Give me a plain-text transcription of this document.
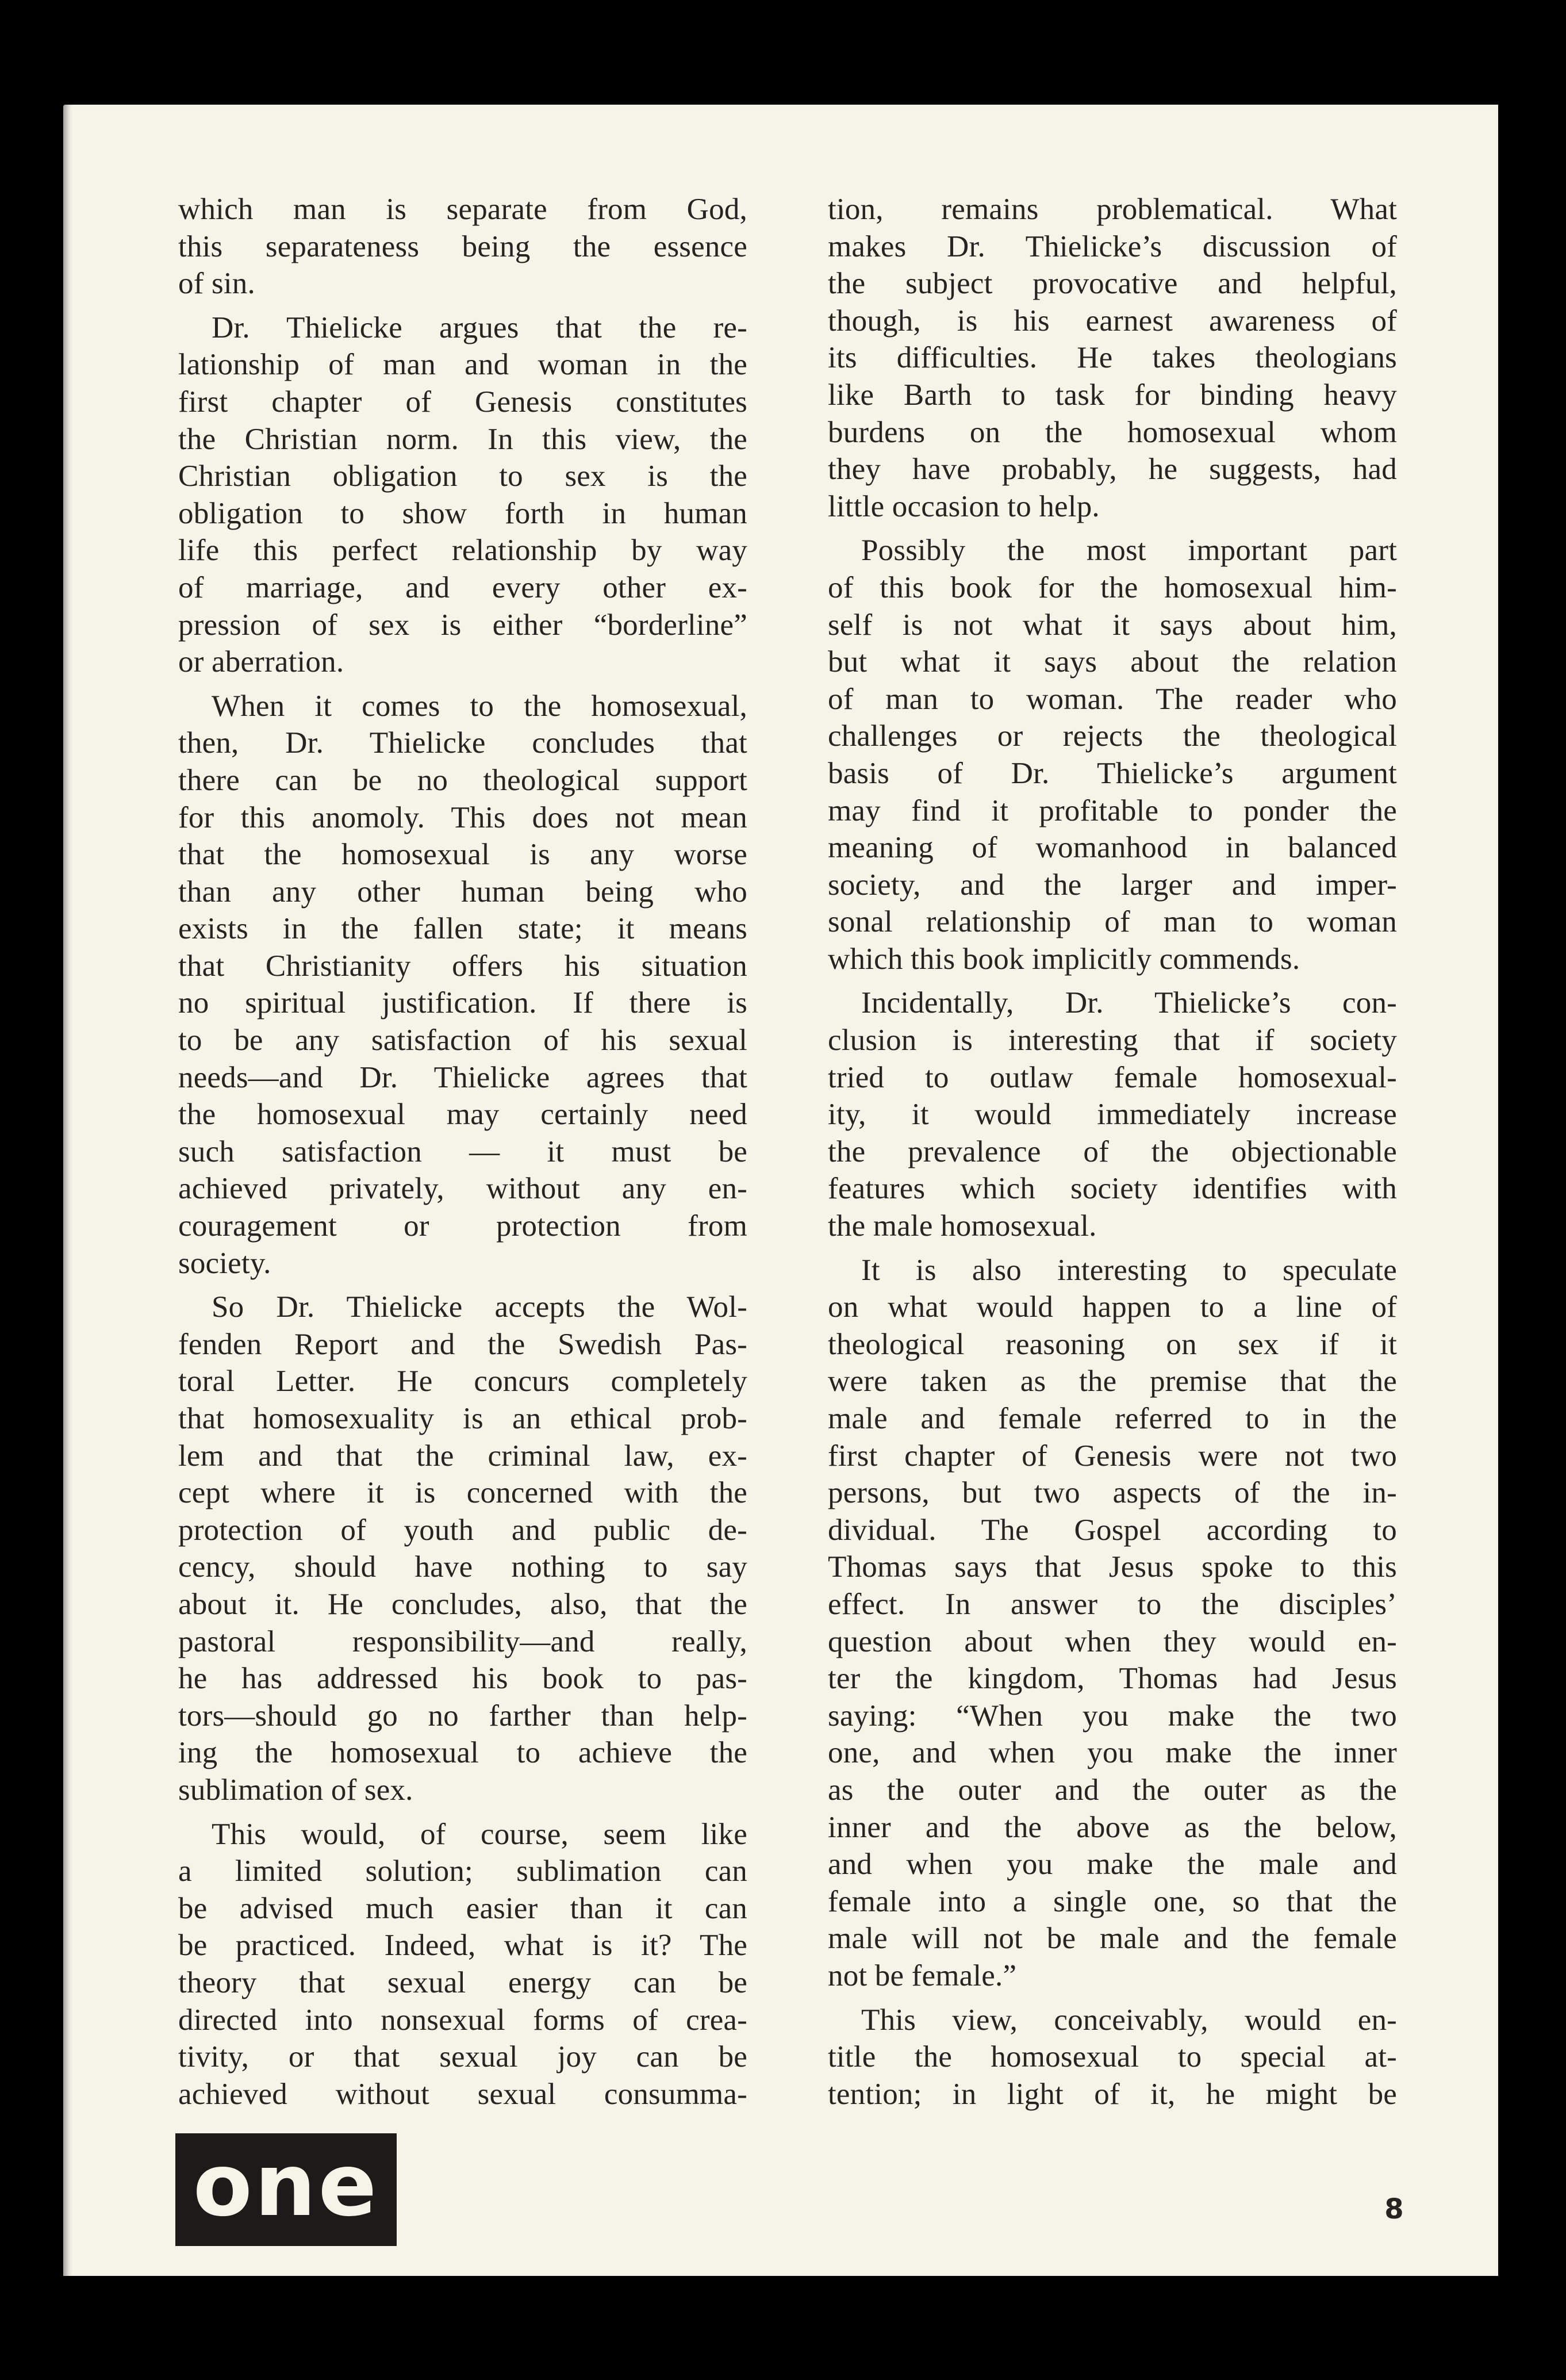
which man is separate from God,
this separateness being the essence
of sin.
Dr. Thielicke argues that the re-
lationship of man and woman in the
first chapter of Genesis constitutes
the Christian norm. In this view, the
Christian obligation to sex is the
obligation to show forth in human
life this perfect relationship by way
of marriage, and every other ex-
pression of sex is either “borderline”
or aberration.
When it comes to the homosexual,
then, Dr. Thielicke concludes that
there can be no theological support
for this anomoly. This does not mean
that the homosexual is any worse
than any other human being who
exists in the fallen state; it means
that Christianity offers his situation
no spiritual justification. If there is
to be any satisfaction of his sexual
needs—and Dr. Thielicke agrees that
the homosexual may certainly need
such satisfaction — it must be
achieved privately, without any en-
couragement or protection from
society.
So Dr. Thielicke accepts the Wol-
fenden Report and the Swedish Pas-
toral Letter. He concurs completely
that homosexuality is an ethical prob-
lem and that the criminal law, ex-
cept where it is concerned with the
protection of youth and public de-
cency, should have nothing to say
about it. He concludes, also, that the
pastoral responsibility—and really,
he has addressed his book to pas-
tors—should go no farther than help-
ing the homosexual to achieve the
sublimation of sex.
This would, of course, seem like
a limited solution; sublimation can
be advised much easier than it can
be practiced. Indeed, what is it? The
theory that sexual energy can be
directed into nonsexual forms of crea-
tivity, or that sexual joy can be
achieved without sexual consumma-
tion, remains problematical. What
makes Dr. Thielicke’s discussion of
the subject provocative and helpful,
though, is his earnest awareness of
its difficulties. He takes theologians
like Barth to task for binding heavy
burdens on the homosexual whom
they have probably, he suggests, had
little occasion to help.
Possibly the most important part
of this book for the homosexual him-
self is not what it says about him,
but what it says about the relation
of man to woman. The reader who
challenges or rejects the theological
basis of Dr. Thielicke’s argument
may find it profitable to ponder the
meaning of womanhood in balanced
society, and the larger and imper-
sonal relationship of man to woman
which this book implicitly commends.
Incidentally, Dr. Thielicke’s con-
clusion is interesting that if society
tried to outlaw female homosexual-
ity, it would immediately increase
the prevalence of the objectionable
features which society identifies with
the male homosexual.
It is also interesting to speculate
on what would happen to a line of
theological reasoning on sex if it
were taken as the premise that the
male and female referred to in the
first chapter of Genesis were not two
persons, but two aspects of the in-
dividual. The Gospel according to
Thomas says that Jesus spoke to this
effect. In answer to the disciples’
question about when they would en-
ter the kingdom, Thomas had Jesus
saying: “When you make the two
one, and when you make the inner
as the outer and the outer as the
inner and the above as the below,
and when you make the male and
female into a single one, so that the
male will not be male and the female
not be female.”
This view, conceivably, would en-
title the homosexual to special at-
tention; in light of it, he might be
one	8
